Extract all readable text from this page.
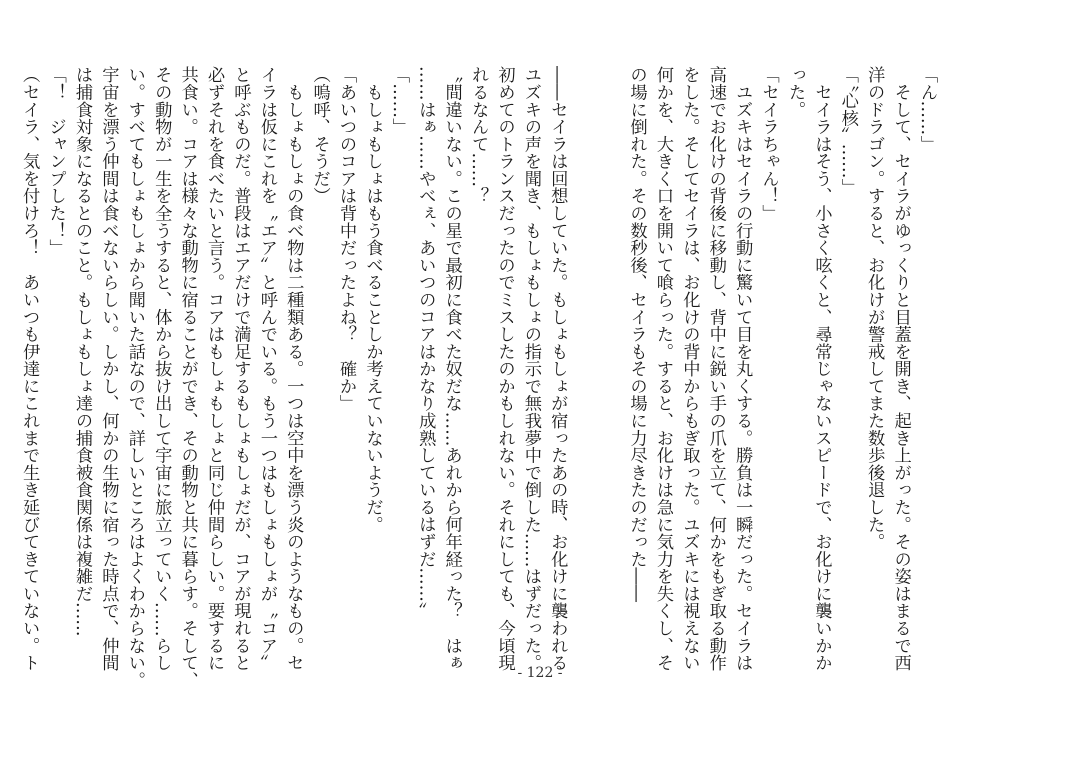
「ん……」
　そして、セイラがゆっくりと目蓋を開き、起き上がった。その姿はまるで西
洋のドラゴン。すると、お化けが警戒してまた数歩後退した。
「〝心核〟……」
　セイラはそう、小さく呟くと、尋常じゃないスピードで、お化けに襲いかか
った。
「セイラちゃん！」
　ユズキはセイラの行動に驚いて目を丸くする。勝負は一瞬だった。セイラは
高速でお化けの背後に移動し、背中に鋭い手の爪を立て、何かをもぎ取る動作
をした。そしてセイラは、お化けの背中からもぎ取った。ユズキには視えない
何かを、大きく口を開いて喰らった。すると、お化けは急に気力を失くし、そ
の場に倒れた。その数秒後、セイラもその場に力尽きたのだった――

――セイラは回想していた。もしょもしょが宿ったあの時、お化けに襲われる
ユズキの声を聞き、もしょもしょの指示で無我夢中で倒した……はずだった。
初めてのトランスだったのでミスしたのかもしれない。それにしても、今頃現
れるなんて……？
〝間違いない。この星で最初に食べた奴だな……あれから何年経った？　はぁ
……はぁ……やべぇ、あいつのコアはかなり成熟しているはずだ……〟
「……」
　もしょもしょはもう食べることしか考えていないようだ。
「あいつのコアは背中だったよね？　確か」
（嗚呼、そうだ）
　もしょもしょの食べ物は二種類ある。一つは空中を漂う炎のようなもの。セ
イラは仮にこれを〝エア〟と呼んでいる。もう一つはもしょもしょが〝コア〟
と呼ぶものだ。普段はエアだけで満足するもしょもしょだが、コアが現れると
必ずそれを食べたいと言う。コアはもしょもしょと同じ仲間らしい。要するに
共食い。コアは様々な動物に宿ることができ、その動物と共に暮らす。そして、
その動物が一生を全うすると、体から抜け出して宇宙に旅立っていく……らし
い。すべてもしょもしょから聞いた話なので、詳しいところはよくわからない。
宇宙を漂う仲間は食べないらしい。しかし、何かの生物に宿った時点で、仲間
は捕食対象になるとのこと。もしょもしょ達の捕食被食関係は複雑だ……
「！　ジャンプした！」
（セイラ、気を付けろ！　あいつも伊達にこれまで生き延びてきていない。ト
- 122 -
